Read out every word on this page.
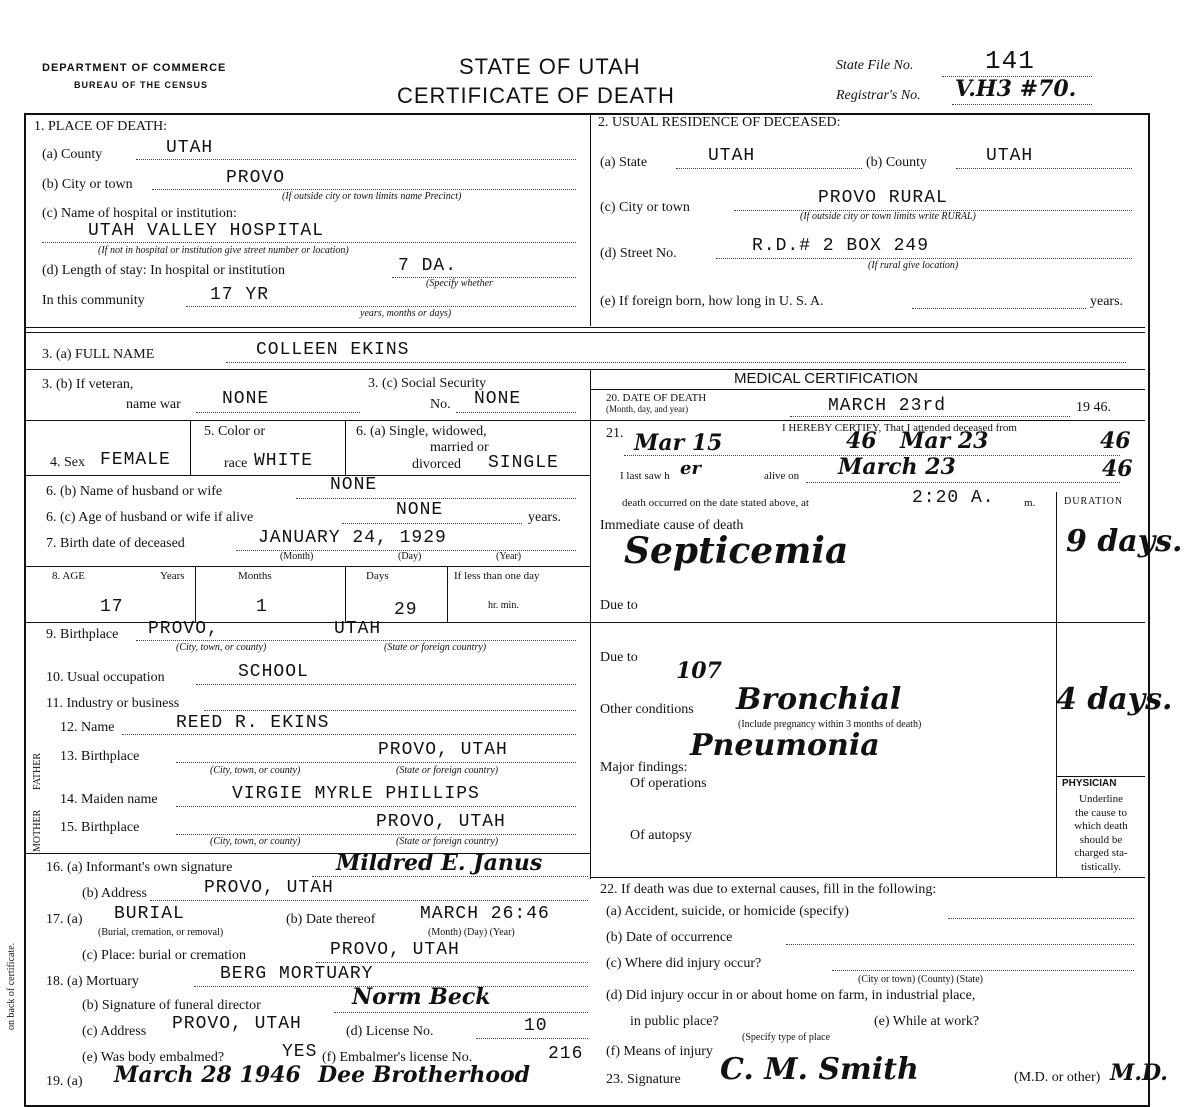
DEPARTMENT OF COMMERCE
BUREAU OF THE CENSUS
STATE OF UTAH
CERTIFICATE OF DEATH
State File No.	141
Registrar's No. V.H3 #70.
on back of certificate.
1. PLACE OF DEATH:
(a) County	UTAH
(b) City or town	PROVO
(If outside city or town limits name Precinct)
(c) Name of hospital or institution:
UTAH VALLEY HOSPITAL
(If not in hospital or institution give street number or location)
(d) Length of stay: In hospital or institution	7 DA.
(Specify whether
In this community	17 YR
years, months or days)
2. USUAL RESIDENCE OF DECEASED:
(a) State	UTAH	(b) County	UTAH
(c) City or town	PROVO RURAL
(If outside city or town limits write RURAL)
(d) Street No.	R.D.# 2 BOX 249
(If rural give location)
(e) If foreign born, how long in U. S. A.	years.
3. (a) FULL NAME	COLLEEN EKINS
3. (b) If veteran,
name war NONE
3. (c) Social Security
No. NONE
MEDICAL CERTIFICATION
20. DATE OF DEATH
(Month, day, and year)	MARCH 23rd	19 46.
4. Sex FEMALE
5. Color or
race WHITE
6. (a) Single, widowed,
married or
divorced SINGLE
6. (b) Name of husband or wife	NONE
6. (c) Age of husband or wife if alive	NONE	years.
7. Birth date of deceased	JANUARY 24, 1929
(Month)	(Day)	(Year)
8. AGE	Years	Months	Days	If less than one day
17	1	29	hr. min.
9. Birthplace PROVO,	UTAH
(City, town, or county)	(State or foreign country)
10. Usual occupation	SCHOOL
11. Industry or business
FATHER
MOTHER
12. Name	REED R. EKINS
13. Birthplace	PROVO, UTAH
(City, town, or county)	(State or foreign country)
14. Maiden name	VIRGIE MYRLE PHILLIPS
15. Birthplace	PROVO, UTAH
(City, town, or county)	(State or foreign country)
16. (a) Informant's own signature	Mildred E. Janus
(b) Address	PROVO, UTAH
17. (a) BURIAL	(b) Date thereof MARCH 26:46
(Burial, cremation, or removal)	(Month) (Day) (Year)
(c) Place: burial or cremation	PROVO, UTAH
18. (a) Mortuary	BERG MORTUARY
(b) Signature of funeral director	Norm Beck
(c) Address PROVO, UTAH	(d) License No.	10
(e) Was body embalmed?	YES (f) Embalmer's license No.	216
19. (a) March 28 1946 Dee Brotherhood
I HEREBY CERTIFY, That I attended deceased from
21. Mar 15	46 Mar 23	46
I last saw h er	alive on March 23	46
death occurred on the date stated above, at	2:20 A.	m.	DURATION
Immediate cause of death
Septicemia	9 days.
Due to
Due to
107
Other conditions Bronchial
(Include pregnancy within 3 months of death)
Pneumonia
4 days.
Major findings:
Of operations
Of autopsy
PHYSICIAN
Underline
the cause to
which death
should be
charged sta-
tistically.
22. If death was due to external causes, fill in the following:
(a) Accident, suicide, or homicide (specify)
(b) Date of occurrence
(c) Where did injury occur?
(City or town) (County) (State)
(d) Did injury occur in or about home on farm, in industrial place,
in public place?	(e) While at work?
(f) Means of injury
(Specify type of place
23. Signature C. M. Smith	(M.D. or other) M.D.
